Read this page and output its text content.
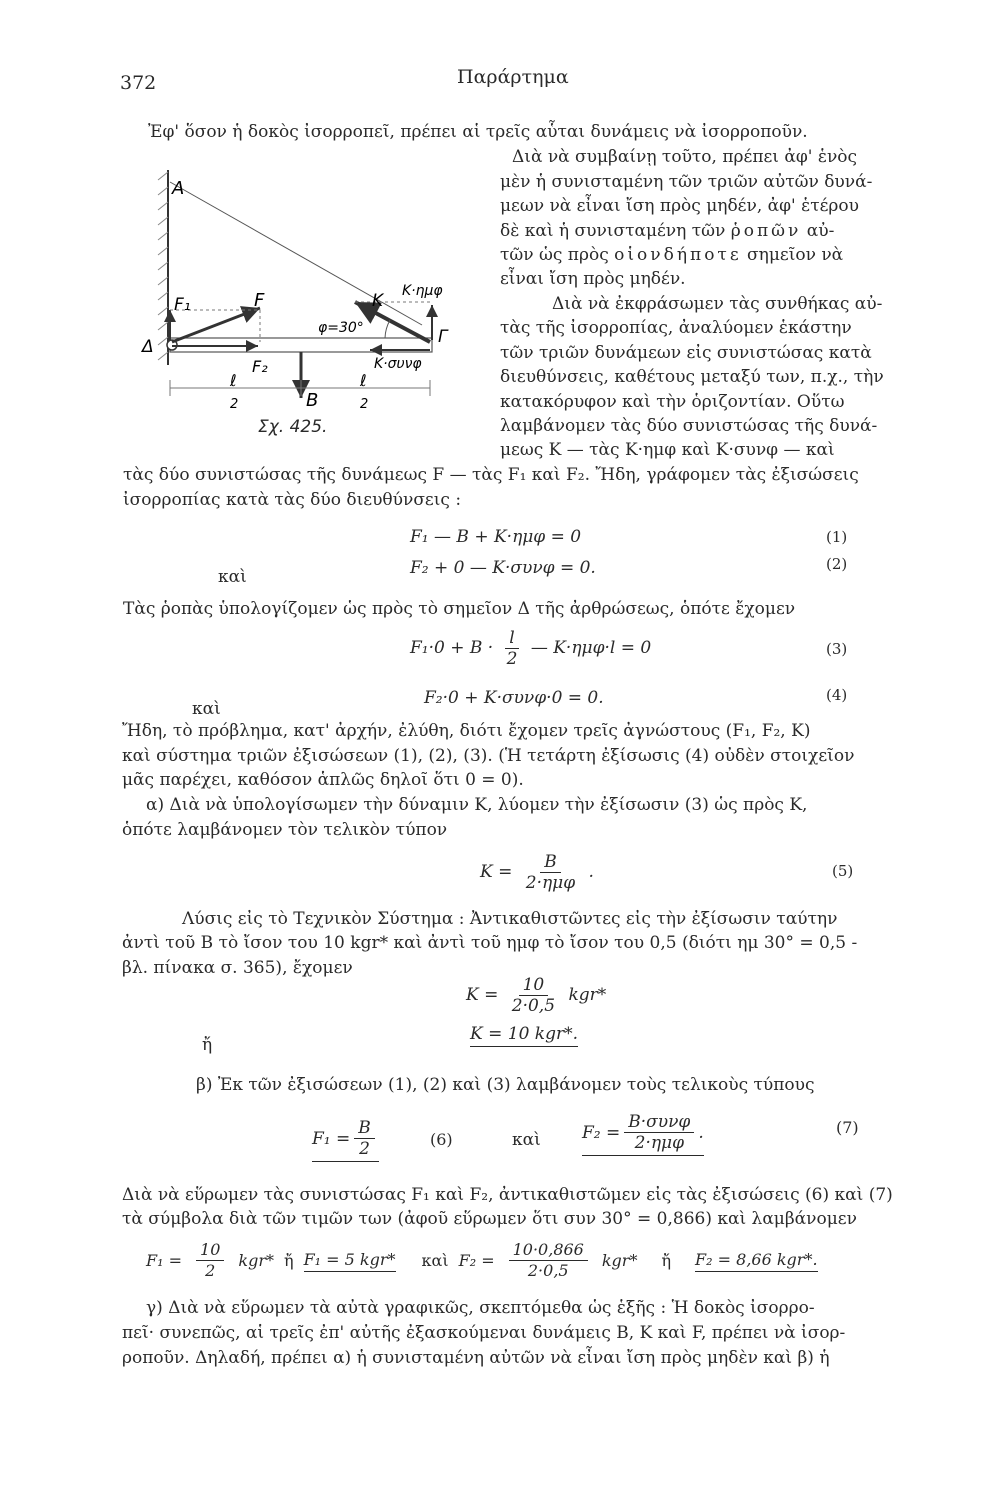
372	Παράρτημα
A
F₁	F	K K·ημφ
φ=30°	Γ
Δ
F₂	K·συνφ
ℓ
2	B
ℓ
2
Σχ. 425.
Ἐφ' ὅσον ἡ δοκὸς ἰσορροπεῖ, πρέπει αἱ τρεῖς αὗται δυνάμεις νὰ ἰσορροποῦν.
Διὰ νὰ συμβαίνῃ τοῦτο, πρέπει ἀφ' ἑνὸς
μὲν ἡ συνισταμένη τῶν τριῶν αὐτῶν δυνά-
μεων νὰ εἶναι ἴση πρὸς μηδέν, ἀφ' ἑτέρου
δὲ καὶ ἡ συνισταμένη τῶν ῥοπῶν αὐ-
τῶν ὡς πρὸς οἱονδήποτε σημεῖον νὰ
εἶναι ἴση πρὸς μηδέν.
Διὰ νὰ ἐκφράσωμεν τὰς συνθήκας αὐ-
τὰς τῆς ἰσορροπίας, ἀναλύομεν ἑκάστην
τῶν τριῶν δυνάμεων εἰς συνιστώσας κατὰ
διευθύνσεις, καθέτους μεταξύ των, π.χ., τὴν
κατακόρυφον καὶ τὴν ὁριζοντίαν. Οὕτω
λαμβάνομεν τὰς δύο συνιστώσας τῆς δυνά-
μεως K — τὰς K·ημφ καὶ K·συνφ — καὶ
τὰς δύο συνιστώσας τῆς δυνάμεως F — τὰς F₁ καὶ F₂. Ἤδη, γράφομεν τὰς ἐξισώσεις
ἰσορροπίας κατὰ τὰς δύο διευθύνσεις :
F₁ — B + K·ημφ = 0	(1)
καὶ	F₂ + 0 — K·συνφ = 0.	(2)
Τὰς ῥοπὰς ὑπολογίζομεν ὡς πρὸς τὸ σημεῖον Δ τῆς ἀρθρώσεως, ὁπότε ἔχομεν
$F_1\cdot 0 + B \cdot \frac{l}{2}$ — K·ημφ·l = 0	(3)
καὶ
F₂·0 + K·συνφ·0 = 0.	(4)
Ἤδη, τὸ πρόβλημα, κατ' ἀρχήν, ἐλύθη, διότι ἔχομεν τρεῖς ἀγνώστους (F₁, F₂, K)
καὶ σύστημα τριῶν ἐξισώσεων (1), (2), (3). (Ἡ τετάρτη ἐξίσωσις (4) οὐδὲν στοιχεῖον
μᾶς παρέχει, καθόσον ἁπλῶς δηλοῖ ὅτι 0 = 0).
α) Διὰ νὰ ὑπολογίσωμεν τὴν δύναμιν K, λύομεν τὴν ἐξίσωσιν (3) ὡς πρὸς K,
ὁπότε λαμβάνομεν τὸν τελικὸν τύπον
$K = \frac{B}{\text{2·ημφ}}$ .	(5)
Λύσις εἰς τὸ Τεχνικὸν Σύστημα : Ἀντικαθιστῶντες εἰς τὴν ἐξίσωσιν ταύτην
ἀντὶ τοῦ B τὸ ἴσον του 10 kgr* καὶ ἀντὶ τοῦ ημφ τὸ ἴσον του 0,5 (διότι ημ 30° = 0,5 -
βλ. πίνακα σ. 365), ἔχομεν
$K = \frac{10}{2\cdot 0,5} kgr*$
ἤ
K = 10 kgr*.
β) Ἐκ τῶν ἐξισώσεων (1), (2) καὶ (3) λαμβάνομεν τοὺς τελικοὺς τύπους
$F_1 = \frac{B}{2}$	(6)	καὶ $F_2 = \frac{\text{B·συνφ}}{\text{2·ημφ}}$ .	(7)
Διὰ νὰ εὕρωμεν τὰς συνιστώσας F₁ καὶ F₂, ἀντικαθιστῶμεν εἰς τὰς ἐξισώσεις (6) καὶ (7)
τὰ σύμβολα διὰ τῶν τιμῶν των (ἀφοῦ εὕρωμεν ὅτι συν 30° = 0,866) καὶ λαμβάνομεν
$F_1 = \frac{10}{2} kgr*$ ἤ F₁ = 5 kgr* καὶ $F_2 = \frac{10\cdot 0,866}{2\cdot 0,5} kgr*$ ἤ F₂ = 8,66 kgr*.
γ) Διὰ νὰ εὕρωμεν τὰ αὐτὰ γραφικῶς, σκεπτόμεθα ὡς ἑξῆς : Ἡ δοκὸς ἰσορρο-
πεῖ· συνεπῶς, αἱ τρεῖς ἐπ' αὐτῆς ἐξασκούμεναι δυνάμεις B, K καὶ F, πρέπει νὰ ἰσορ-
ροποῦν. Δηλαδή, πρέπει α) ἡ συνισταμένη αὐτῶν νὰ εἶναι ἴση πρὸς μηδὲν καὶ β) ἡ
